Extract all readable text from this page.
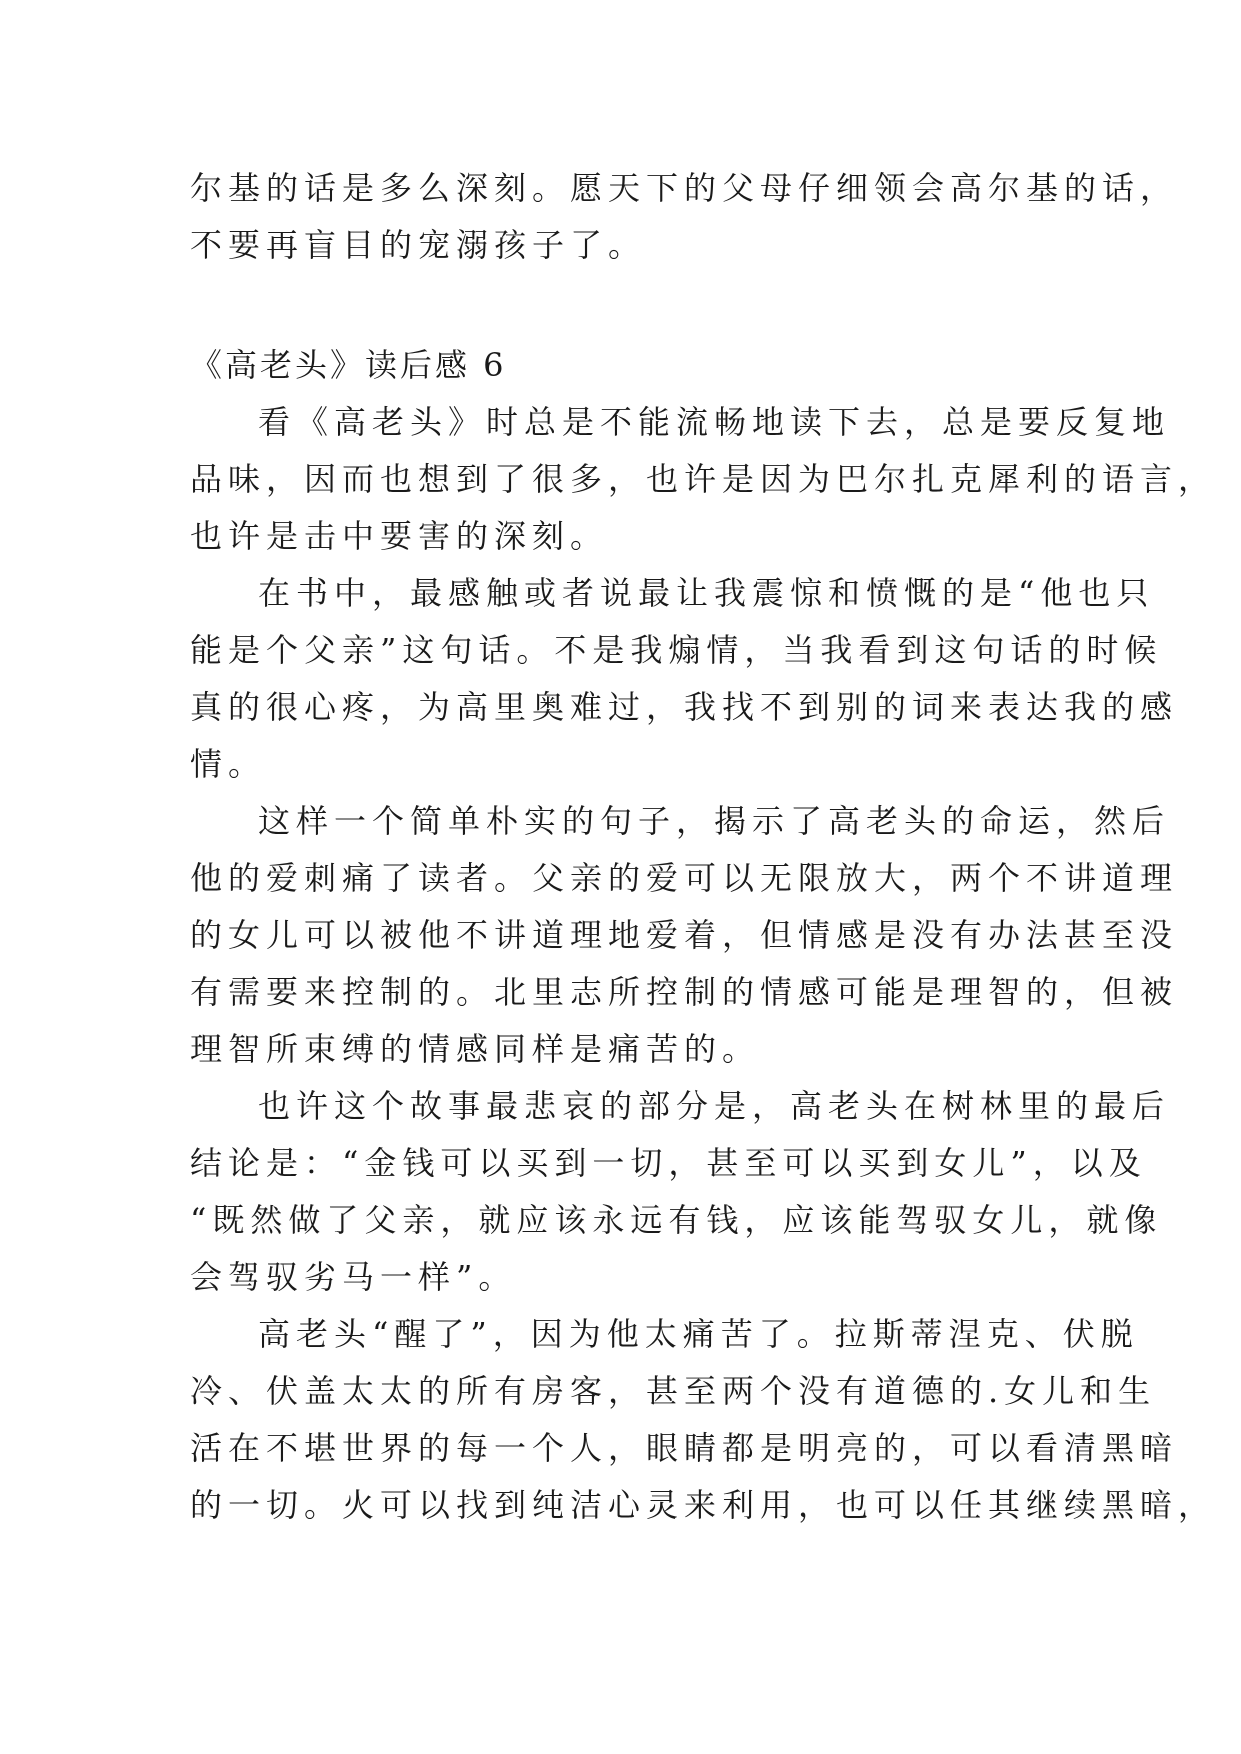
尔基的话是多么深刻。愿天下的父母仔细领会高尔基的话，
不要再盲目的宠溺孩子了。
《高老头》读后感 6
看《高老头》时总是不能流畅地读下去，总是要反复地
品味，因而也想到了很多，也许是因为巴尔扎克犀利的语言，
也许是击中要害的深刻。
在书中，最感触或者说最让我震惊和愤慨的是“他也只
能是个父亲”这句话。不是我煽情，当我看到这句话的时候
真的很心疼，为高里奥难过，我找不到别的词来表达我的感
情。
这样一个简单朴实的句子，揭示了高老头的命运，然后
他的爱刺痛了读者。父亲的爱可以无限放大，两个不讲道理
的女儿可以被他不讲道理地爱着，但情感是没有办法甚至没
有需要来控制的。北里志所控制的情感可能是理智的，但被
理智所束缚的情感同样是痛苦的。
也许这个故事最悲哀的部分是，高老头在树林里的最后
结论是：“金钱可以买到一切，甚至可以买到女儿”，以及
“既然做了父亲，就应该永远有钱，应该能驾驭女儿，就像
会驾驭劣马一样”。
高老头“醒了”，因为他太痛苦了。拉斯蒂涅克、伏脱
冷、伏盖太太的所有房客，甚至两个没有道德的.女儿和生
活在不堪世界的每一个人，眼睛都是明亮的，可以看清黑暗
的一切。火可以找到纯洁心灵来利用，也可以任其继续黑暗，
